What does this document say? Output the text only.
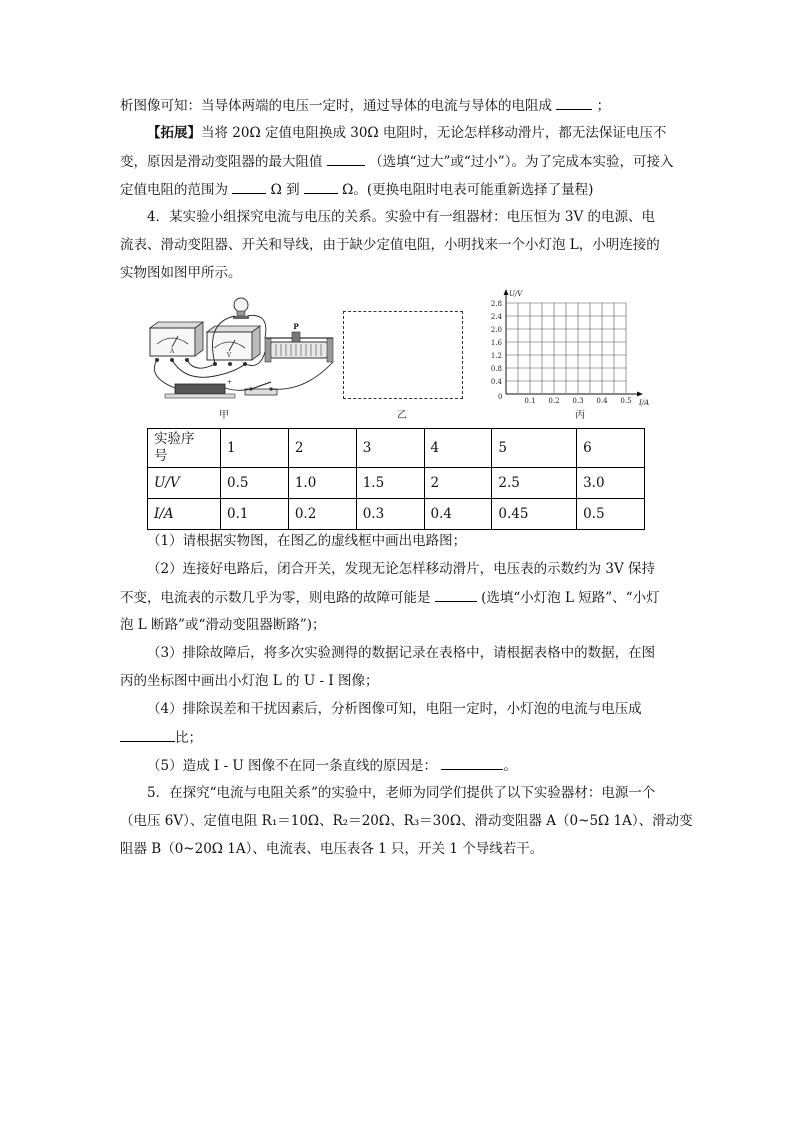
析图像可知：当导体两端的电压一定时，通过导体的电流与导体的电阻成	；
【拓展】当将 20Ω 定值电阻换成 30Ω 电阻时，无论怎样移动滑片，都无法保证电压不
变，原因是滑动变阻器的最大阻值	（选填“过大”或“过小”）。为了完成本实验，可接入
定值电阻的范围为	Ω 到	Ω。(更换电阻时电表可能重新选择了量程)
4．某实验小组探究电流与电压的关系。实验中有一组器材：电压恒为 3V 的电源、电
流表、滑动变阻器、开关和导线，由于缺少定值电阻，小明找来一个小灯泡 L，小明连接的
实物图如图甲所示。
A
V
P
+
甲	乙
U/V
I/A
2.8
2.4
2.0
1.6
1.2
0.8
0.4
0	0.1 0.2 0.3 0.4 0.5
丙
实验序
号	1	2	3	4	5	6
U/V	0.5	1.0	1.5	2	2.5	3.0
I/A	0.1	0.2	0.3	0.4	0.45	0.5
（1）请根据实物图，在图乙的虚线框中画出电路图；
（2）连接好电路后，闭合开关，发现无论怎样移动滑片，电压表的示数约为 3V 保持
不变，电流表的示数几乎为零，则电路的故障可能是	(选填“小灯泡 L 短路”、“小灯
泡 L 断路”或“滑动变阻器断路”)；
（3）排除故障后，将多次实验测得的数据记录在表格中，请根据表格中的数据，在图
丙的坐标图中画出小灯泡 L 的 U - I 图像；
（4）排除误差和干扰因素后，分析图像可知，电阻一定时，小灯泡的电流与电压成
比；
（5）造成 I - U 图像不在同一条直线的原因是：	。
5．在探究“电流与电阻关系”的实验中，老师为同学们提供了以下实验器材：电源一个
（电压 6V）、定值电阻 R₁＝10Ω、R₂＝20Ω、R₃＝30Ω、滑动变阻器 A（0~5Ω 1A）、滑动变
阻器 B（0~20Ω 1A）、电流表、电压表各 1 只，开关 1 个导线若干。
